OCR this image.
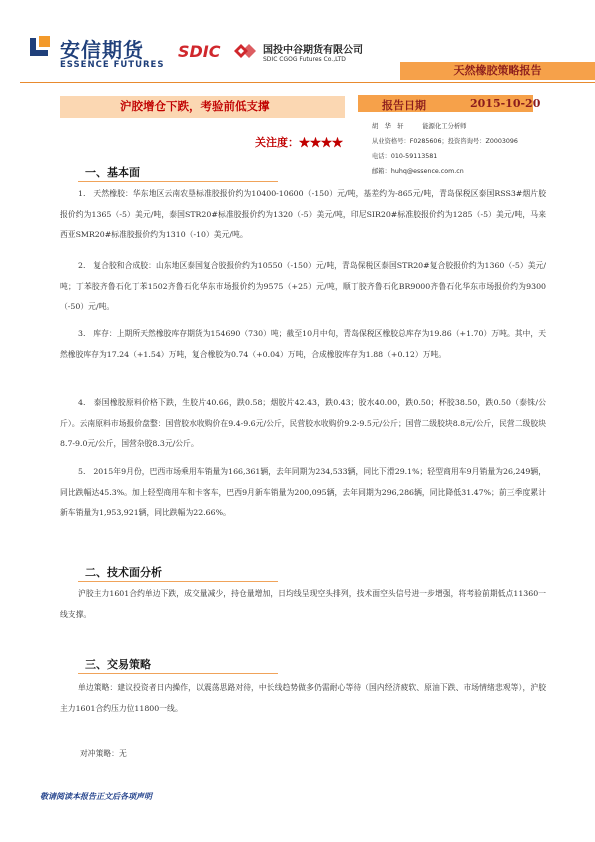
安信期货
ESSENCE FUTURES
SDIC	国投中谷期货有限公司
SDIC CGOG Futures Co.,LTD
天然橡胶策略报告
沪胶增仓下跌，考验前低支撑
关注度：★★★★
报告日期	2015-10-20
胡　华　轩　　　能源化工分析师
从业资格号：F0285606；投资咨询号：Z0003096
电话：010-59113581
邮箱：huhq@essence.com.cn
一、基本面
1.　天然橡胶：华东地区云南农垦标准胶报价约为10400-10600（-150）元/吨，基差约为-865元/吨，青岛保税区泰国RSS3#烟片胶报价约为1365（-5）美元/吨，泰国STR20#标准胶报价约为1320（-5）美元/吨，印尼SIR20#标准胶报价约为1285（-5）美元/吨，马来西亚SMR20#标准胶报价约为1310（-10）美元/吨。
2.　复合胶和合成胶：山东地区泰国复合胶报价约为10550（-150）元/吨，青岛保税区泰国STR20#复合胶报价约为1360（-5）美元/吨；丁苯胶齐鲁石化丁苯1502齐鲁石化华东市场报价约为9575（+25）元/吨，顺丁胶齐鲁石化BR9000齐鲁石化华东市场报价约为9300（-50）元/吨。
3.　库存：上期所天然橡胶库存期货为154690（730）吨；截至10月中旬，青岛保税区橡胶总库存为19.86（+1.70）万吨。其中，天然橡胶库存为17.24（+1.54）万吨，复合橡胶为0.74（+0.04）万吨，合成橡胶库存为1.88（+0.12）万吨。
4.　泰国橡胶原料价格下跌，生胶片40.66，跌0.58；烟胶片42.43，跌0.43；胶水40.00，跌0.50；杯胶38.50，跌0.50（泰铢/公斤）。云南原料市场报价盘整：国营胶水收购价在9.4-9.6元/公斤，民营胶水收购价9.2-9.5元/公斤；国营二级胶块8.8元/公斤，民营二级胶块8.7-9.0元/公斤，国营杂胶8.3元/公斤。
5.　2015年9月份，巴西市场乘用车销量为166,361辆，去年同期为234,533辆，同比下滑29.1%；轻型商用车9月销量为26,249辆，同比跌幅达45.3%。加上轻型商用车和卡客车，巴西9月新车销量为200,095辆，去年同期为296,286辆，同比降低31.47%；前三季度累计新车销量为1,953,921辆，同比跌幅为22.66%。
二、技术面分析
沪胶主力1601合约单边下跌，成交量减少，持仓量增加，日均线呈现空头排列，技术面空头信号进一步增强，将考验前期低点11360一线支撑。
三、交易策略
单边策略：建议投资者日内操作，以震荡思路对待，中长线趋势做多仍需耐心等待（国内经济疲软、原油下跌、市场情绪悲观等），沪胶主力1601合约压力位11800一线。
对冲策略：无
敬请阅读本报告正文后各项声明
